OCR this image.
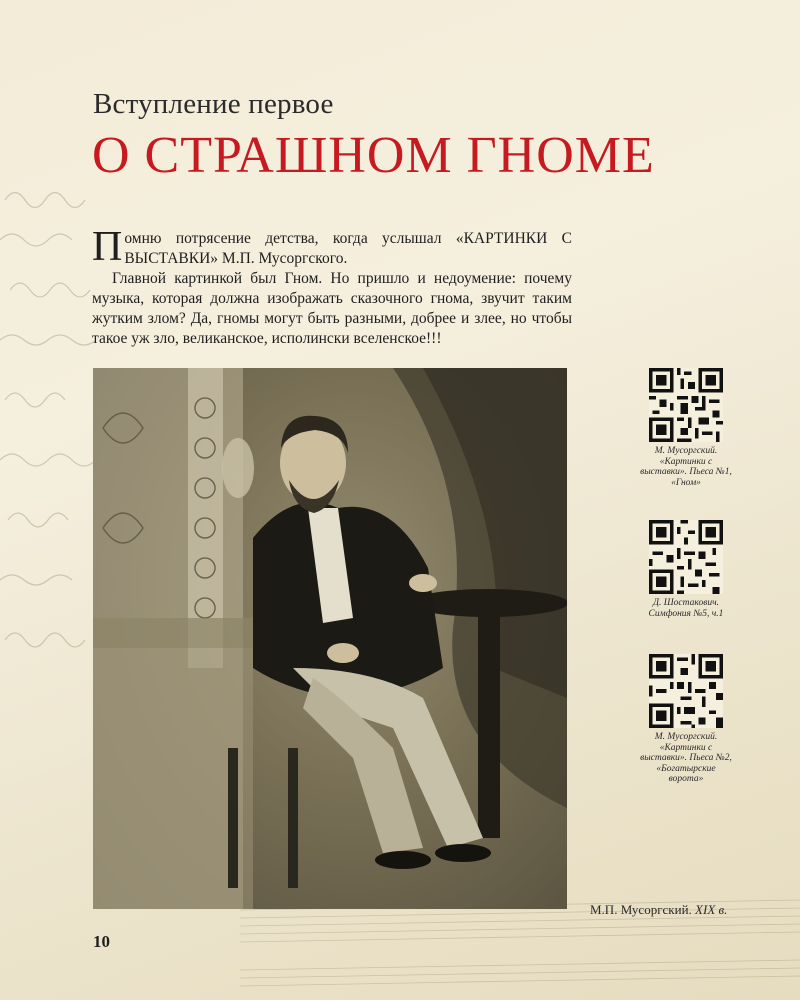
Вступление первое
О СТРАШНОМ ГНОМЕ

Помню потрясение детства, когда услышал «КАРТИНКИ С ВЫСТАВКИ» М.П. Мусоргского.

Главной картинкой был Гном. Но пришло и недоумение: почему музыка, которая должна изображать сказочного гнома, звучит таким жутким злом? Да, гномы могут быть разными, добрее и злее, но чтобы такое уж зло, великанское, исполински вселенское!!!

М.П. Мусоргский. XIX в.
М. Мусоргский. «Картинки с выставки». Пьеса №1, «Гном»
Д. Шостакович. Симфония №5, ч.1
М. Мусоргский. «Картинки с выставки». Пьеса №2, «Богатырские ворота»
10
